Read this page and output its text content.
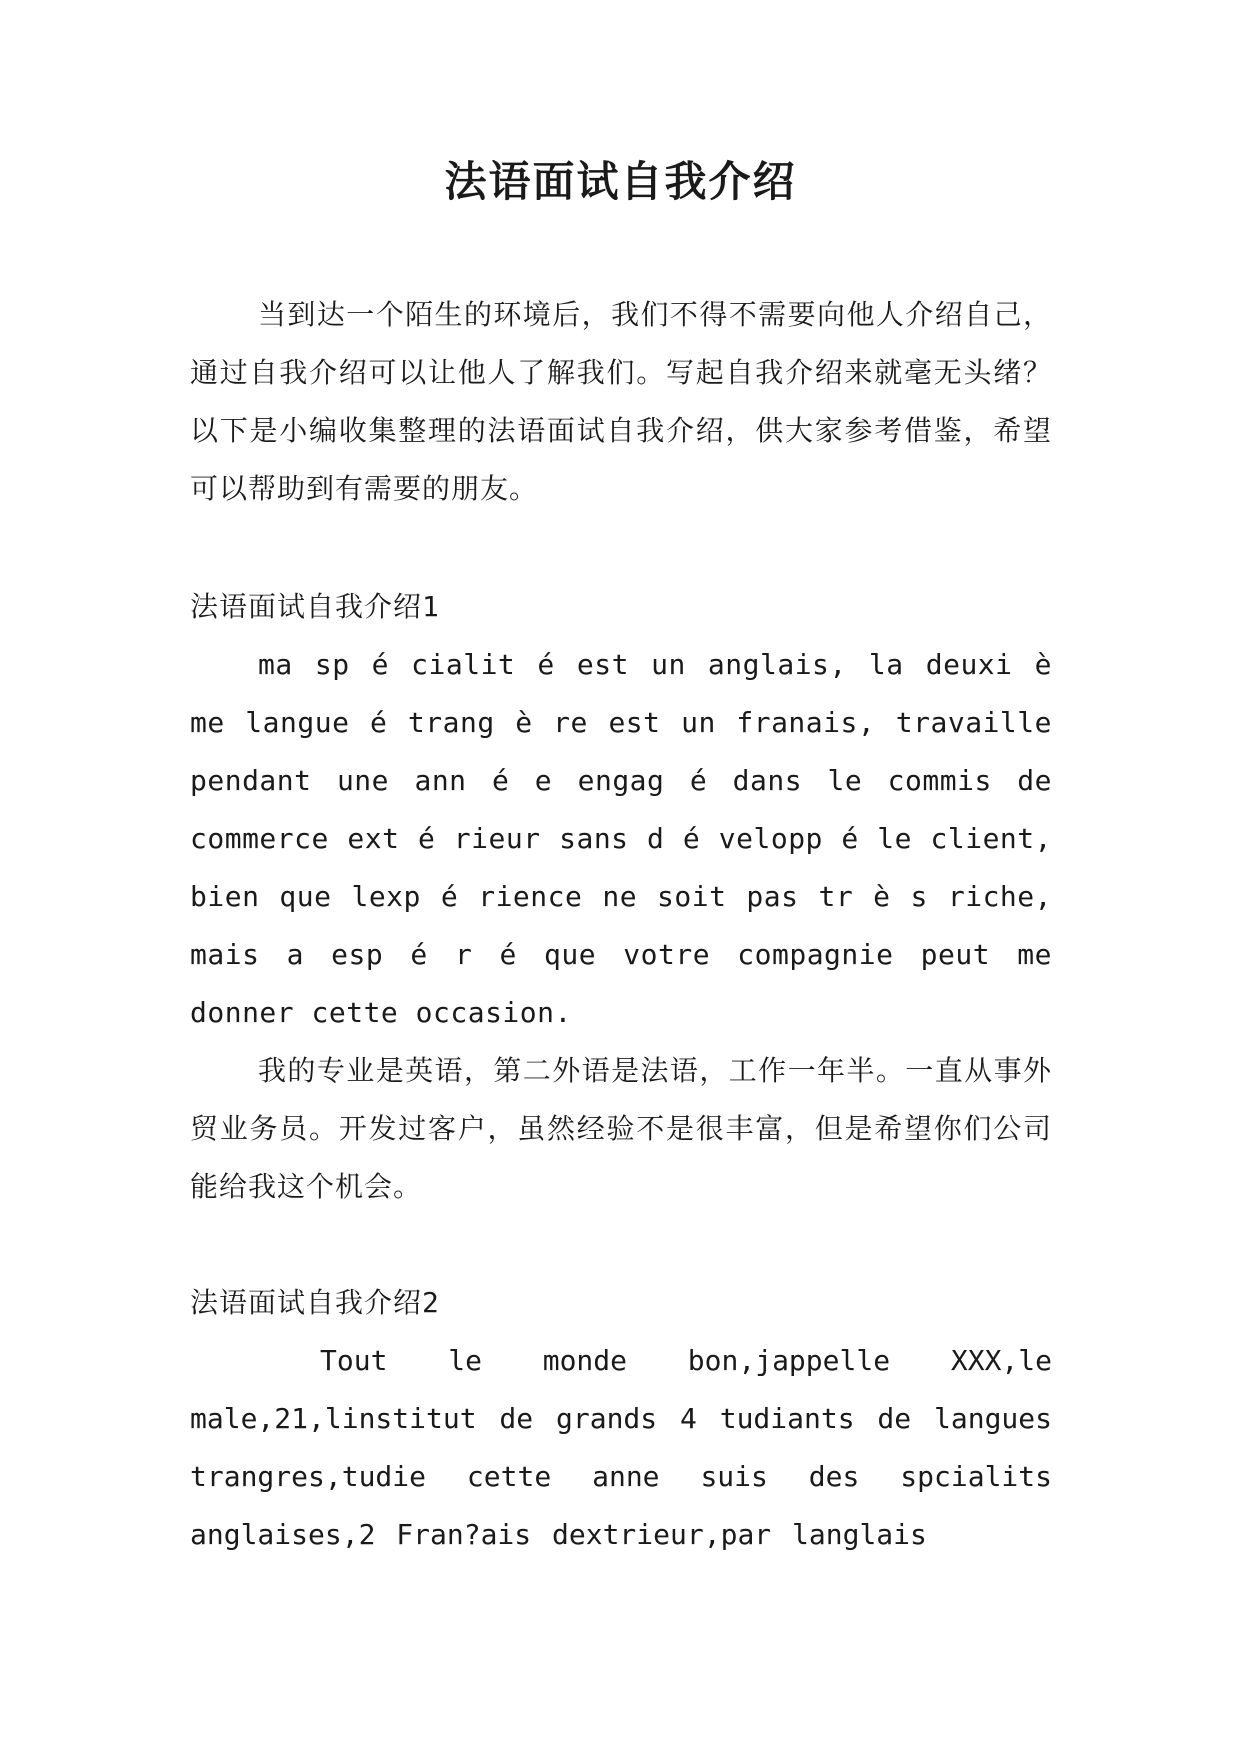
法语面试自我介绍

当到达一个陌生的环境后，我们不得不需要向他人介绍自己，通过自我介绍可以让他人了解我们。写起自我介绍来就毫无头绪？以下是小编收集整理的法语面试自我介绍，供大家参考借鉴，希望可以帮助到有需要的朋友。

法语面试自我介绍1

ma sp é cialit é est un anglais, la deuxi è me langue é trang è re est un franais, travaille pendant une ann é e engag é dans le commis de commerce ext é rieur sans d é velopp é le client, bien que lexp é rience ne soit pas tr è s riche, mais a esp é r é que votre compagnie peut me donner cette occasion.

我的专业是英语，第二外语是法语，工作一年半。一直从事外贸业务员。开发过客户，虽然经验不是很丰富，但是希望你们公司能给我这个机会。

法语面试自我介绍2

Tout le monde bon,jappelle XXX,le male,21,linstitut de grands 4 tudiants de langues trangres,tudie cette anne suis des spcialits anglaises,2 Fran?ais dextrieur,par langlais
